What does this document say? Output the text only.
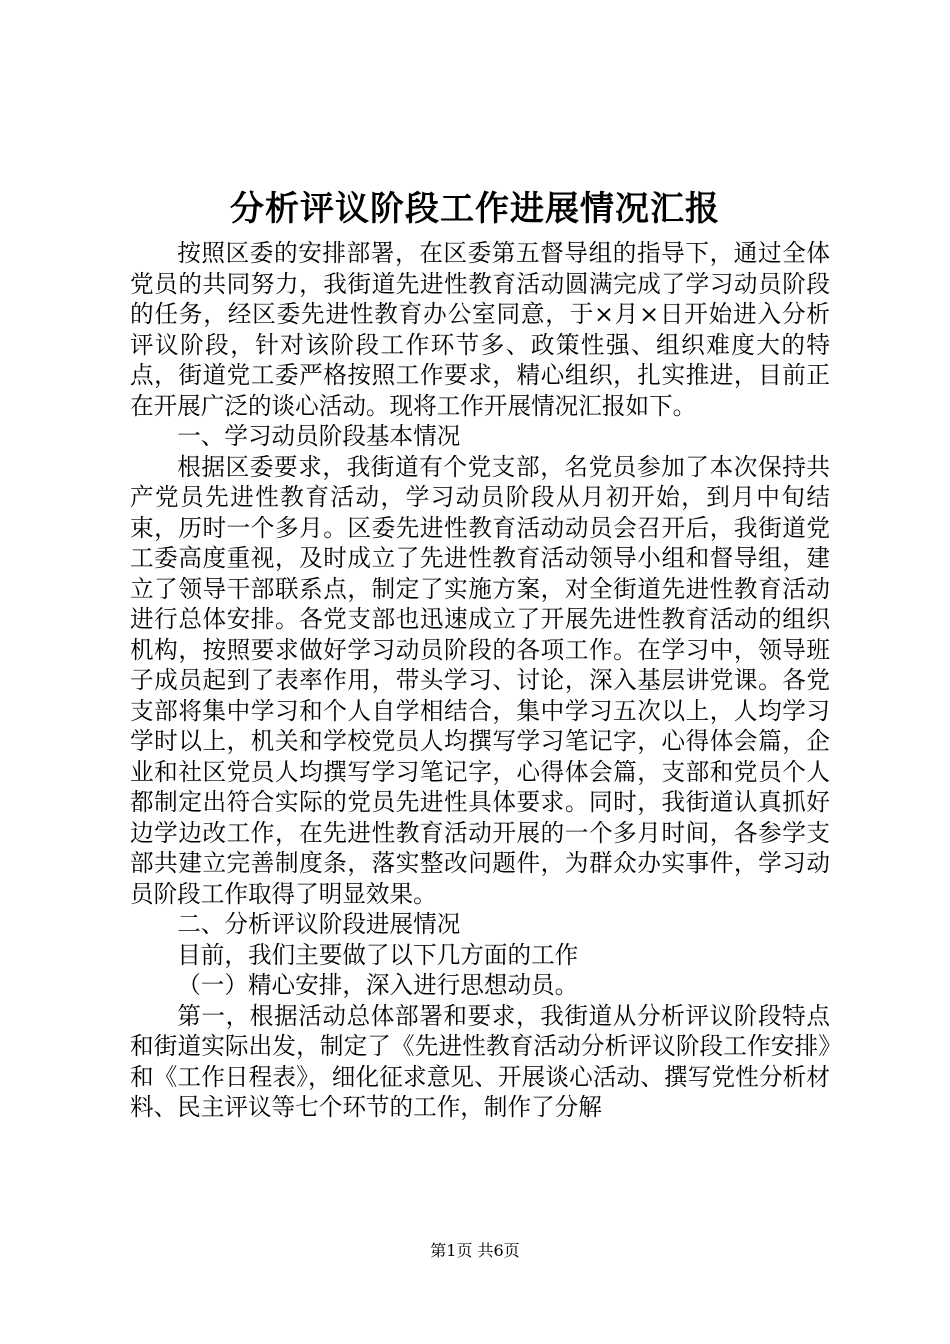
分析评议阶段工作进展情况汇报

按照区委的安排部署，在区委第五督导组的指导下，通过全体党员的共同努力，我街道先进性教育活动圆满完成了学习动员阶段的任务，经区委先进性教育办公室同意，于×月×日开始进入分析评议阶段，针对该阶段工作环节多、政策性强、组织难度大的特点，街道党工委严格按照工作要求，精心组织，扎实推进，目前正在开展广泛的谈心活动。现将工作开展情况汇报如下。

一、学习动员阶段基本情况

根据区委要求，我街道有个党支部，名党员参加了本次保持共产党员先进性教育活动，学习动员阶段从月初开始，到月中旬结束，历时一个多月。区委先进性教育活动动员会召开后，我街道党工委高度重视，及时成立了先进性教育活动领导小组和督导组，建立了领导干部联系点，制定了实施方案，对全街道先进性教育活动进行总体安排。各党支部也迅速成立了开展先进性教育活动的组织机构，按照要求做好学习动员阶段的各项工作。在学习中，领导班子成员起到了表率作用，带头学习、讨论，深入基层讲党课。各党支部将集中学习和个人自学相结合，集中学习五次以上，人均学习学时以上，机关和学校党员人均撰写学习笔记字，心得体会篇，企业和社区党员人均撰写学习笔记字，心得体会篇，支部和党员个人都制定出符合实际的党员先进性具体要求。同时，我街道认真抓好边学边改工作，在先进性教育活动开展的一个多月时间，各参学支部共建立完善制度条，落实整改问题件，为群众办实事件，学习动员阶段工作取得了明显效果。

二、分析评议阶段进展情况

目前，我们主要做了以下几方面的工作

（一）精心安排，深入进行思想动员。

第一，根据活动总体部署和要求，我街道从分析评议阶段特点和街道实际出发，制定了《先进性教育活动分析评议阶段工作安排》和《工作日程表》，细化征求意见、开展谈心活动、撰写党性分析材料、民主评议等七个环节的工作，制作了分解

第1页 共6页
